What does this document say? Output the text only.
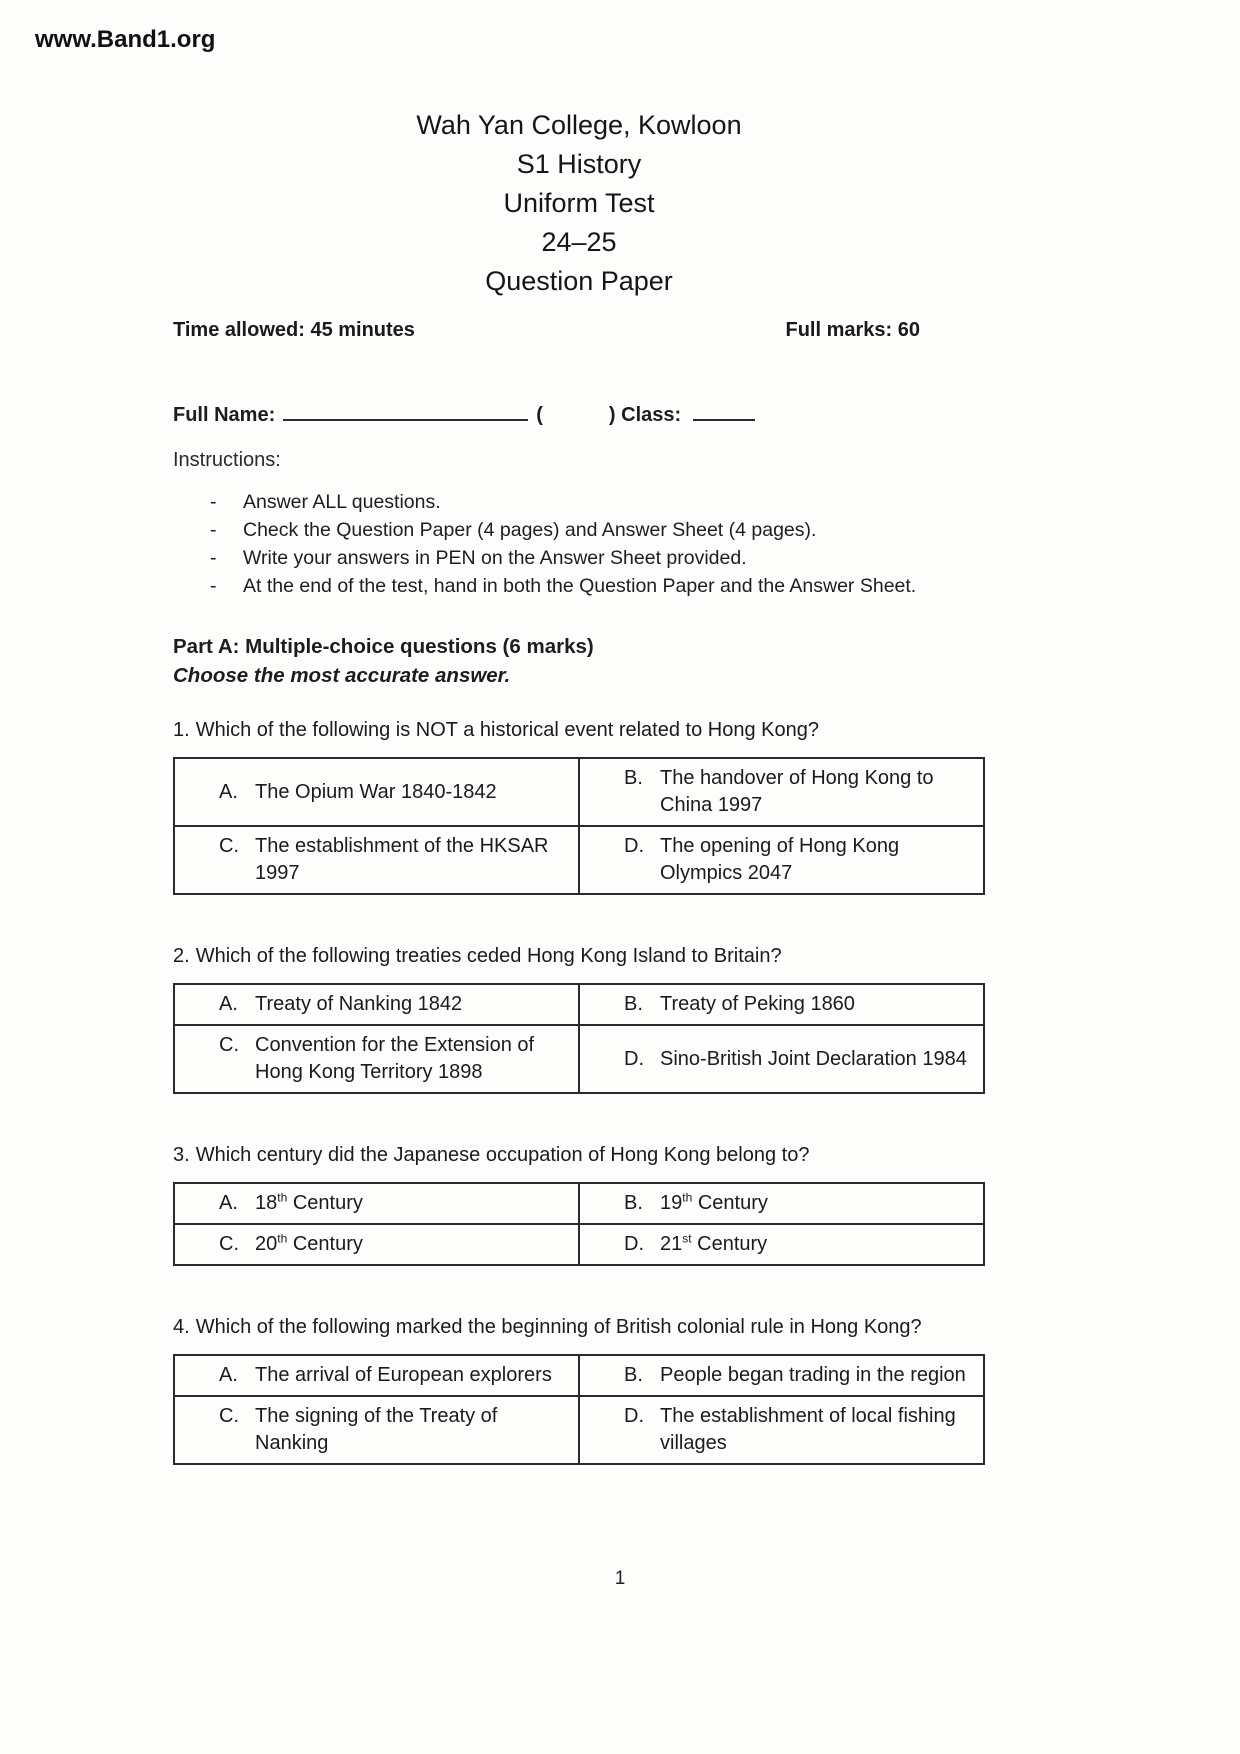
www.Band1.org
Wah Yan College, Kowloon
S1 History
Uniform Test
24–25
Question Paper
Time allowed: 45 minutes	Full marks: 60
Full Name:	(	) Class:
Instructions:
-	Answer ALL questions.
-	Check the Question Paper (4 pages) and Answer Sheet (4 pages).
-	Write your answers in PEN on the Answer Sheet provided.
-	At the end of the test, hand in both the Question Paper and the Answer Sheet.
Part A: Multiple-choice questions (6 marks)
Choose the most accurate answer.
1. Which of the following is NOT a historical event related to Hong Kong?
A. The Opium War 1840-1842	B. The handover of Hong Kong to China 1997

C. The establishment of the HKSAR 1997	D. The opening of Hong Kong Olympics 2047
2. Which of the following treaties ceded Hong Kong Island to Britain?
A. Treaty of Nanking 1842	B. Treaty of Peking 1860

C. Convention for the Extension of Hong Kong Territory 1898	D. Sino-British Joint Declaration 1984
3. Which century did the Japanese occupation of Hong Kong belong to?
A. 18th Century	B. 19th Century

C. 20th Century	D. 21st Century
4. Which of the following marked the beginning of British colonial rule in Hong Kong?
A. The arrival of European explorers	B. People began trading in the region

C. The signing of the Treaty of Nanking	D. The establishment of local fishing villages
1
